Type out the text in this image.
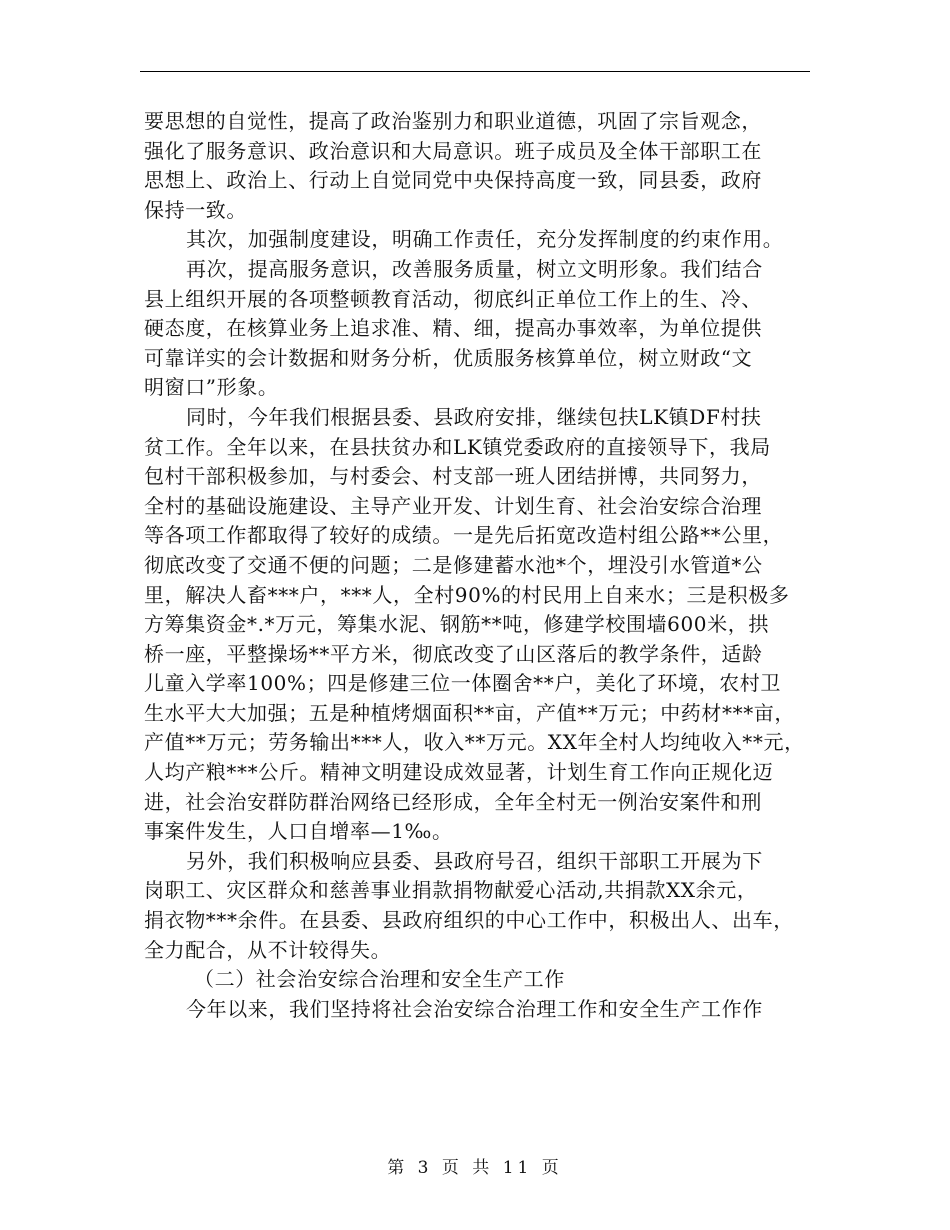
要思想的自觉性，提高了政治鉴别力和职业道德，巩固了宗旨观念，
强化了服务意识、政治意识和大局意识。班子成员及全体干部职工在
思想上、政治上、行动上自觉同党中央保持高度一致，同县委，政府
保持一致。
其次，加强制度建设，明确工作责任，充分发挥制度的约束作用。
再次，提高服务意识，改善服务质量，树立文明形象。我们结合
县上组织开展的各项整顿教育活动，彻底纠正单位工作上的生、冷、
硬态度，在核算业务上追求准、精、细，提高办事效率，为单位提供
可靠详实的会计数据和财务分析，优质服务核算单位，树立财政“文
明窗口”形象。
同时，今年我们根据县委、县政府安排，继续包扶LK镇DF村扶
贫工作。全年以来，在县扶贫办和LK镇党委政府的直接领导下，我局
包村干部积极参加，与村委会、村支部一班人团结拼博，共同努力，
全村的基础设施建设、主导产业开发、计划生育、社会治安综合治理
等各项工作都取得了较好的成绩。一是先后拓宽改造村组公路**公里，
彻底改变了交通不便的问题；二是修建蓄水池*个，埋没引水管道*公
里，解决人畜***户，***人，全村90%的村民用上自来水；三是积极多
方筹集资金*.*万元，筹集水泥、钢筋**吨，修建学校围墙600米，拱
桥一座，平整操场**平方米，彻底改变了山区落后的教学条件，适龄
儿童入学率100%；四是修建三位一体圈舍**户，美化了环境，农村卫
生水平大大加强；五是种植烤烟面积**亩，产值**万元；中药材***亩，
产值**万元；劳务输出***人，收入**万元。XX年全村人均纯收入**元，
人均产粮***公斤。精神文明建设成效显著，计划生育工作向正规化迈
进，社会治安群防群治网络已经形成，全年全村无一例治安案件和刑
事案件发生，人口自增率—1‰。
另外，我们积极响应县委、县政府号召，组织干部职工开展为下
岗职工、灾区群众和慈善事业捐款捐物献爱心活动,共捐款XX余元，
捐衣物***余件。在县委、县政府组织的中心工作中，积极出人、出车，
全力配合，从不计较得失。
（二）社会治安综合治理和安全生产工作
今年以来，我们坚持将社会治安综合治理工作和安全生产工作作
第 3 页 共 11 页
